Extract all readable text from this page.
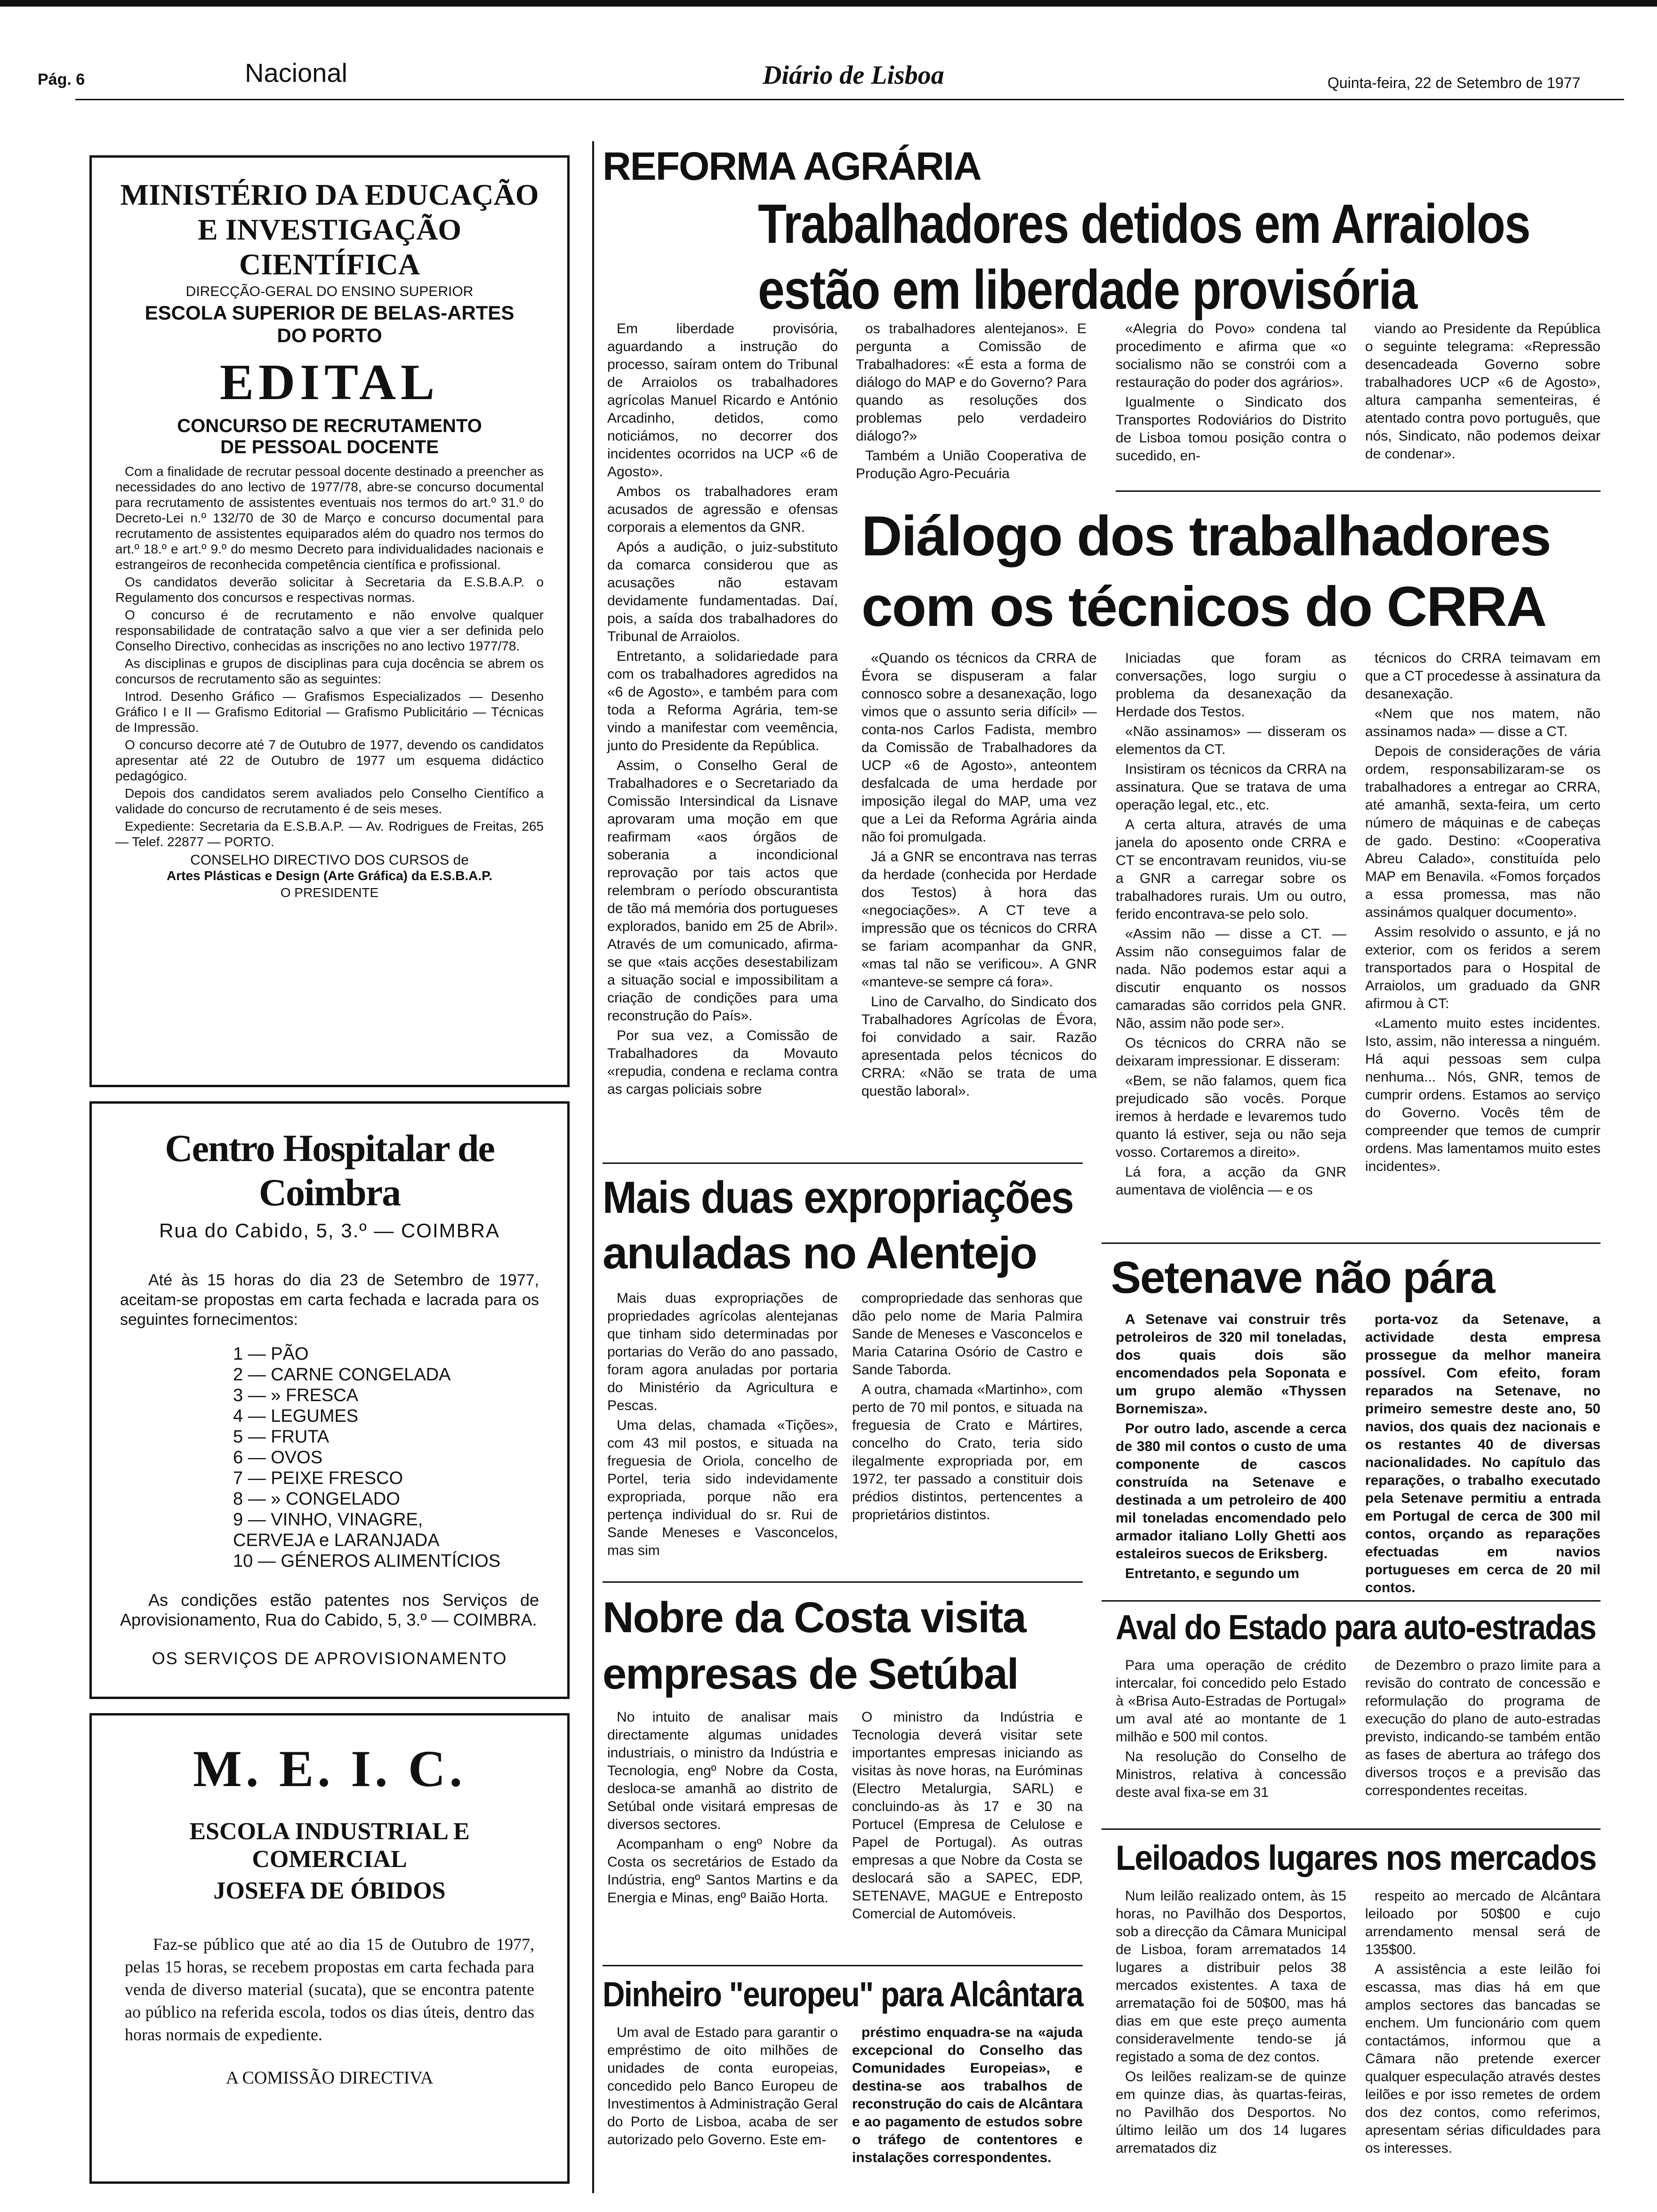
Pág. 6	Nacional	Diário de Lisboa	Quinta-feira, 22 de Setembro de 1977
MINISTÉRIO DA EDUCAÇÃO
E INVESTIGAÇÃO CIENTÍFICA
DIRECÇÃO-GERAL DO ENSINO SUPERIOR
ESCOLA SUPERIOR DE BELAS-ARTES
DO PORTO
EDITAL
CONCURSO DE RECRUTAMENTO
DE PESSOAL DOCENTE

Com a finalidade de recrutar pessoal docente destinado a preencher as necessidades do ano lectivo de 1977/78, abre-se concurso documental para recrutamento de assistentes eventuais nos termos do art.º 31.º do Decreto-Lei n.º 132/70 de 30 de Março e concurso documental para recrutamento de assistentes equiparados além do quadro nos termos do art.º 18.º e art.º 9.º do mesmo Decreto para individualidades nacionais e estrangeiros de reconhecida competência científica e profissional.

Os candidatos deverão solicitar à Secretaria da E.S.B.A.P. o Regulamento dos concursos e respectivas normas.

O concurso é de recrutamento e não envolve qualquer responsabilidade de contratação salvo a que vier a ser definida pelo Conselho Directivo, conhecidas as inscrições no ano lectivo 1977/78.

As disciplinas e grupos de disciplinas para cuja docência se abrem os concursos de recrutamento são as seguintes:

Introd. Desenho Gráfico — Grafismos Especializados — Desenho Gráfico I e II — Grafismo Editorial — Grafismo Publicitário — Técnicas de Impressão.

O concurso decorre até 7 de Outubro de 1977, devendo os candidatos apresentar até 22 de Outubro de 1977 um esquema didáctico pedagógico.

Depois dos candidatos serem avaliados pelo Conselho Científico a validade do concurso de recrutamento é de seis meses.

Expediente: Secretaria da E.S.B.A.P. — Av. Rodrigues de Freitas, 265 — Telef. 22877 — PORTO.

CONSELHO DIRECTIVO DOS CURSOS de
Artes Plásticas e Design (Arte Gráfica) da E.S.B.A.P.
O PRESIDENTE
Centro Hospitalar de Coimbra
Rua do Cabido, 5, 3.º — COIMBRA
Até às 15 horas do dia 23 de Setembro de 1977, aceitam-se propostas em carta fechada e lacrada para os seguintes fornecimentos:
1 — PÃO
2 — CARNE CONGELADA
3 — » FRESCA
4 — LEGUMES
5 — FRUTA
6 — OVOS
7 — PEIXE FRESCO
8 — » CONGELADO
9 — VINHO, VINAGRE, CERVEJA e LARANJADA
10 — GÉNEROS ALIMENTÍCIOS
As condições estão patentes nos Serviços de Aprovisionamento, Rua do Cabido, 5, 3.º — COIMBRA.
OS SERVIÇOS DE APROVISIONAMENTO
M. E. I. C.
ESCOLA INDUSTRIAL E COMERCIAL
JOSEFA DE ÓBIDOS
Faz-se público que até ao dia 15 de Outubro de 1977, pelas 15 horas, se recebem propostas em carta fechada para venda de diverso material (sucata), que se encontra patente ao público na referida escola, todos os dias úteis, dentro das horas normais de expediente.
A COMISSÃO DIRECTIVA
REFORMA AGRÁRIA
Trabalhadores detidos em Arraiolos
estão em liberdade provisória

Em liberdade provisória, aguardando a instrução do processo, saíram ontem do Tribunal de Arraiolos os trabalhadores agrícolas Manuel Ricardo e António Arcadinho, detidos, como noticiámos, no decorrer dos incidentes ocorridos na UCP «6 de Agosto».

Ambos os trabalhadores eram acusados de agressão e ofensas corporais a elementos da GNR.

Após a audição, o juiz-substituto da comarca considerou que as acusações não estavam devidamente fundamentadas. Daí, pois, a saída dos trabalhadores do Tribunal de Arraiolos.

Entretanto, a solidariedade para com os trabalhadores agredidos na «6 de Agosto», e também para com toda a Reforma Agrária, tem-se vindo a manifestar com veemência, junto do Presidente da República.

Assim, o Conselho Geral de Trabalhadores e o Secretariado da Comissão Intersindical da Lisnave aprovaram uma moção em que reafirmam «aos órgãos de soberania a incondicional reprovação por tais actos que relembram o período obscurantista de tão má memória dos portugueses explorados, banido em 25 de Abril». Através de um comunicado, afirma-se que «tais acções desestabilizam a situação social e impossibilitam a criação de condições para uma reconstrução do País».

Por sua vez, a Comissão de Trabalhadores da Movauto «repudia, condena e reclama contra as cargas policiais sobre

os trabalhadores alentejanos». E pergunta a Comissão de Trabalhadores: «É esta a forma de diálogo do MAP e do Governo? Para quando as resoluções dos problemas pelo verdadeiro diálogo?»

Também a União Cooperativa de Produção Agro-Pecuária

«Alegria do Povo» condena tal procedimento e afirma que «o socialismo não se constrói com a restauração do poder dos agrários».

Igualmente o Sindicato dos Transportes Rodoviários do Distrito de Lisboa tomou posição contra o sucedido, en-

viando ao Presidente da República o seguinte telegrama: «Repressão desencadeada Governo sobre trabalhadores UCP «6 de Agosto», altura campanha sementeiras, é atentado contra povo português, que nós, Sindicato, não podemos deixar de condenar».

Diálogo dos trabalhadores
com os técnicos do CRRA

«Quando os técnicos da CRRA de Évora se dispuseram a falar connosco sobre a desanexação, logo vimos que o assunto seria difícil» — conta-nos Carlos Fadista, membro da Comissão de Trabalhadores da UCP «6 de Agosto», anteontem desfalcada de uma herdade por imposição ilegal do MAP, uma vez que a Lei da Reforma Agrária ainda não foi promulgada.

Já a GNR se encontrava nas terras da herdade (conhecida por Herdade dos Testos) à hora das «negociações». A CT teve a impressão que os técnicos do CRRA se fariam acompanhar da GNR, «mas tal não se verificou». A GNR «manteve-se sempre cá fora».

Lino de Carvalho, do Sindicato dos Trabalhadores Agrícolas de Évora, foi convidado a sair. Razão apresentada pelos técnicos do CRRA: «Não se trata de uma questão laboral».

Iniciadas que foram as conversações, logo surgiu o problema da desanexação da Herdade dos Testos.

«Não assinamos» — disseram os elementos da CT.

Insistiram os técnicos da CRRA na assinatura. Que se tratava de uma operação legal, etc., etc.

A certa altura, através de uma janela do aposento onde CRRA e CT se encontravam reunidos, viu-se a GNR a carregar sobre os trabalhadores rurais. Um ou outro, ferido encontrava-se pelo solo.

«Assim não — disse a CT. — Assim não conseguimos falar de nada. Não podemos estar aqui a discutir enquanto os nossos camaradas são corridos pela GNR. Não, assim não pode ser».

Os técnicos do CRRA não se deixaram impressionar. E disseram:

«Bem, se não falamos, quem fica prejudicado são vocês. Porque iremos à herdade e levaremos tudo quanto lá estiver, seja ou não seja vosso. Cortaremos a direito».

Lá fora, a acção da GNR aumentava de violência — e os

técnicos do CRRA teimavam em que a CT procedesse à assinatura da desanexação.

«Nem que nos matem, não assinamos nada» — disse a CT.

Depois de considerações de vária ordem, responsabilizaram-se os trabalhadores a entregar ao CRRA, até amanhã, sexta-feira, um certo número de máquinas e de cabeças de gado. Destino: «Cooperativa Abreu Calado», constituída pelo MAP em Benavila. «Fomos forçados a essa promessa, mas não assinámos qualquer documento».

Assim resolvido o assunto, e já no exterior, com os feridos a serem transportados para o Hospital de Arraiolos, um graduado da GNR afirmou à CT:

«Lamento muito estes incidentes. Isto, assim, não interessa a ninguém. Há aqui pessoas sem culpa nenhuma... Nós, GNR, temos de cumprir ordens. Estamos ao serviço do Governo. Vocês têm de compreender que temos de cumprir ordens. Mas lamentamos muito estes incidentes».

Mais duas expropriações
anuladas no Alentejo

Mais duas expropriações de propriedades agrícolas alentejanas que tinham sido determinadas por portarias do Verão do ano passado, foram agora anuladas por portaria do Ministério da Agricultura e Pescas.

Uma delas, chamada «Tições», com 43 mil postos, e situada na freguesia de Oriola, concelho de Portel, teria sido indevidamente expropriada, porque não era pertença individual do sr. Rui de Sande Meneses e Vasconcelos, mas sim

compropriedade das senhoras que dão pelo nome de Maria Palmira Sande de Meneses e Vasconcelos e Maria Catarina Osório de Castro e Sande Taborda.

A outra, chamada «Martinho», com perto de 70 mil pontos, e situada na freguesia de Crato e Mártires, concelho do Crato, teria sido ilegalmente expropriada por, em 1972, ter passado a constituir dois prédios distintos, pertencentes a proprietários distintos.

Setenave não pára

A Setenave vai construir três petroleiros de 320 mil toneladas, dos quais dois são encomendados pela Soponata e um grupo alemão «Thyssen Bornemisza».

Por outro lado, ascende a cerca de 380 mil contos o custo de uma componente de cascos construída na Setenave e destinada a um petroleiro de 400 mil toneladas encomendado pelo armador italiano Lolly Ghetti aos estaleiros suecos de Eriksberg.

Entretanto, e segundo um

porta-voz da Setenave, a actividade desta empresa prossegue da melhor maneira possível. Com efeito, foram reparados na Setenave, no primeiro semestre deste ano, 50 navios, dos quais dez nacionais e os restantes 40 de diversas nacionalidades. No capítulo das reparações, o trabalho executado pela Setenave permitiu a entrada em Portugal de cerca de 300 mil contos, orçando as reparações efectuadas em navios portugueses em cerca de 20 mil contos.

Nobre da Costa visita
empresas de Setúbal

No intuito de analisar mais directamente algumas unidades industriais, o ministro da Indústria e Tecnologia, engº Nobre da Costa, desloca-se amanhã ao distrito de Setúbal onde visitará empresas de diversos sectores.

Acompanham o engº Nobre da Costa os secretários de Estado da Indústria, engº Santos Martins e da Energia e Minas, engº Baião Horta.

O ministro da Indústria e Tecnologia deverá visitar sete importantes empresas iniciando as visitas às nove horas, na Euróminas (Electro Metalurgia, SARL) e concluindo-as às 17 e 30 na Portucel (Empresa de Celulose e Papel de Portugal). As outras empresas a que Nobre da Costa se deslocará são a SAPEC, EDP, SETENAVE, MAGUE e Entreposto Comercial de Automóveis.

Aval do Estado para auto-estradas

Para uma operação de crédito intercalar, foi concedido pelo Estado à «Brisa Auto-Estradas de Portugal» um aval até ao montante de 1 milhão e 500 mil contos.

Na resolução do Conselho de Ministros, relativa à concessão deste aval fixa-se em 31

de Dezembro o prazo limite para a revisão do contrato de concessão e reformulação do programa de execução do plano de auto-estradas previsto, indicando-se também então as fases de abertura ao tráfego dos diversos troços e a previsão das correspondentes receitas.

Leiloados lugares nos mercados

Num leilão realizado ontem, às 15 horas, no Pavilhão dos Desportos, sob a direcção da Câmara Municipal de Lisboa, foram arrematados 14 lugares a distribuir pelos 38 mercados existentes. A taxa de arrematação foi de 50$00, mas há dias em que este preço aumenta consideravelmente tendo-se já registado a soma de dez contos.

Os leilões realizam-se de quinze em quinze dias, às quartas-feiras, no Pavilhão dos Desportos. No último leilão um dos 14 lugares arrematados diz

respeito ao mercado de Alcântara leiloado por 50$00 e cujo arrendamento mensal será de 135$00.

A assistência a este leilão foi escassa, mas dias há em que amplos sectores das bancadas se enchem. Um funcionário com quem contactámos, informou que a Câmara não pretende exercer qualquer especulação através destes leilões e por isso remetes de ordem dos dez contos, como referimos, apresentam sérias dificuldades para os interesses.

Dinheiro "europeu" para Alcântara

Um aval de Estado para garantir o empréstimo de oito milhões de unidades de conta europeias, concedido pelo Banco Europeu de Investimentos à Administração Geral do Porto de Lisboa, acaba de ser autorizado pelo Governo. Este em-

préstimo enquadra-se na «ajuda excepcional do Conselho das Comunidades Europeias», e destina-se aos trabalhos de reconstrução do cais de Alcântara e ao pagamento de estudos sobre o tráfego de contentores e instalações correspondentes.
